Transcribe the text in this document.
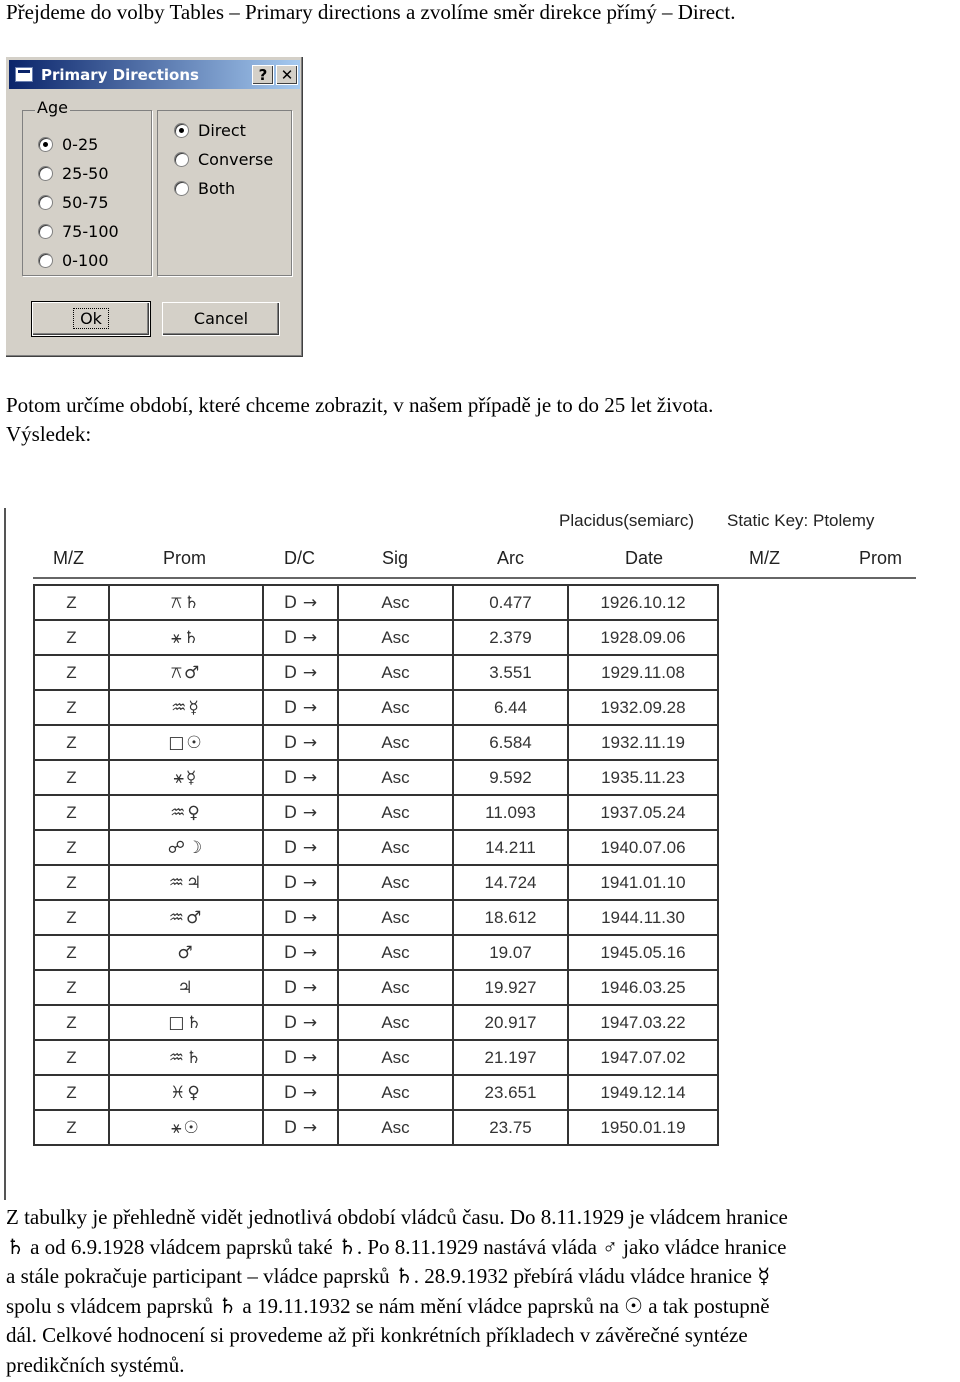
Přejdeme do volby Tables – Primary directions a zvolíme směr direkce přímý – Direct.

Primary Directions	? ✕
Age
Ok	Cancel
0-25
25-50
50-75
75-100
0-100
Direct
Converse
Both

Potom určíme období, které chceme zobrazit, v našem případě je to do 25 let života.

Výsledek:

Placidus(semiarc) Static Key: Ptolemy
M/Z	Prom	D/C	Sig	Arc	Date	M/Z	Prom
Z	⚻♄	D →	Asc	0.477	1926.10.12
Z	⚹♄	D →	Asc	2.379	1928.09.06
Z	⚻♂	D →	Asc	3.551	1929.11.08
Z	♒☿	D →	Asc	6.44	1932.09.28
Z	□☉	D →	Asc	6.584	1932.11.19
Z	⚹☿	D →	Asc	9.592	1935.11.23
Z	♒♀	D →	Asc	11.093	1937.05.24
Z	☍☽	D →	Asc	14.211	1940.07.06
Z	♒♃	D →	Asc	14.724	1941.01.10
Z	♒♂	D →	Asc	18.612	1944.11.30
Z	♂	D →	Asc	19.07	1945.05.16
Z	♃	D →	Asc	19.927	1946.03.25
Z	□♄	D →	Asc	20.917	1947.03.22
Z	♒♄	D →	Asc	21.197	1947.07.02
Z	♓♀	D →	Asc	23.651	1949.12.14
Z	⚹☉	D →	Asc	23.75	1950.01.19

Z tabulky je přehledně vidět jednotlivá období vládců času. Do 8.11.1929 je vládcem hranice

♄ a od 6.9.1928 vládcem paprsků také ♄. Po 8.11.1929 nastává vláda ♂ jako vládce hranice

a stále pokračuje participant – vládce paprsků ♄. 28.9.1932 přebírá vládu vládce hranice ☿

spolu s vládcem paprsků ♄ a 19.11.1932 se nám mění vládce paprsků na ☉ a tak postupně

dál. Celkové hodnocení si provedeme až při konkrétních příkladech v závěrečné syntéze

predikčních systémů.
